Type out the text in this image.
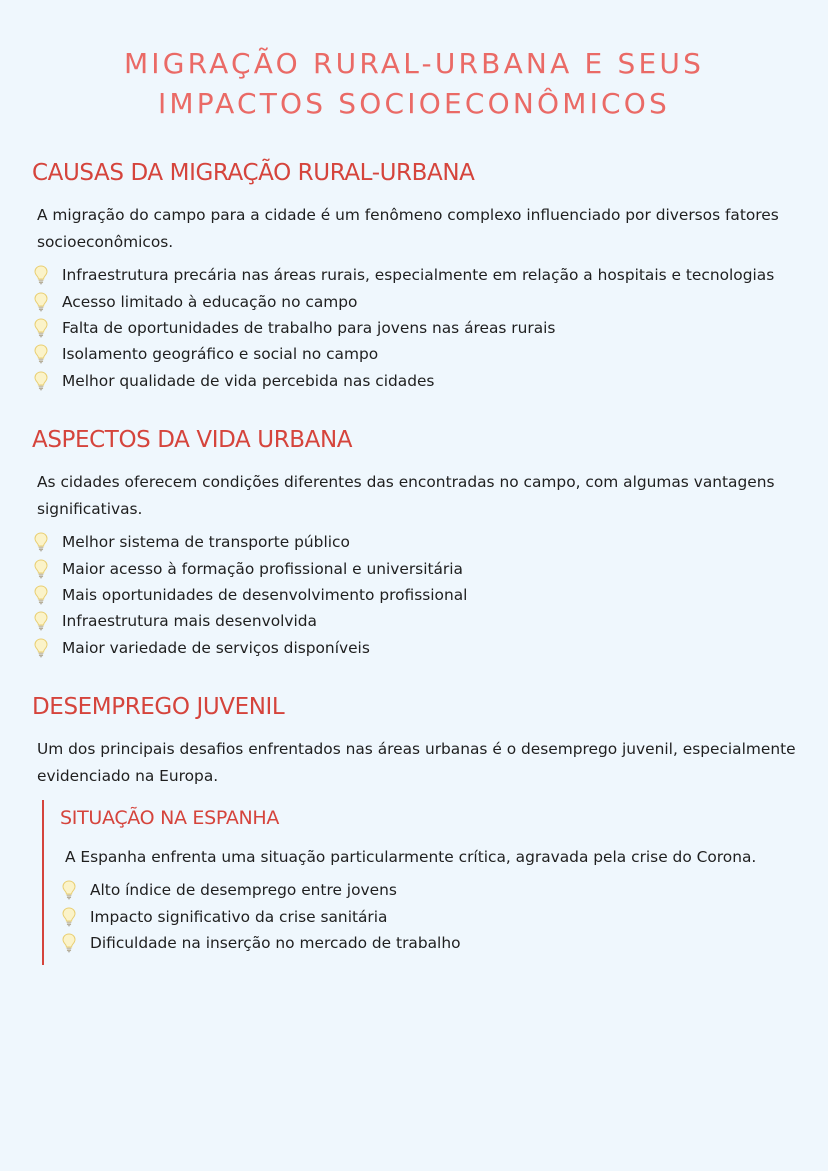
MIGRAÇÃO RURAL-URBANA E SEUS IMPACTOS SOCIOECONÔMICOS
CAUSAS DA MIGRAÇÃO RURAL-URBANA

A migração do campo para a cidade é um fenômeno complexo influenciado por diversos fatores socioeconômicos.

Infraestrutura precária nas áreas rurais, especialmente em relação a hospitais e tecnologias
Acesso limitado à educação no campo
Falta de oportunidades de trabalho para jovens nas áreas rurais
Isolamento geográfico e social no campo
Melhor qualidade de vida percebida nas cidades
ASPECTOS DA VIDA URBANA

As cidades oferecem condições diferentes das encontradas no campo, com algumas vantagens significativas.

Melhor sistema de transporte público
Maior acesso à formação profissional e universitária
Mais oportunidades de desenvolvimento profissional
Infraestrutura mais desenvolvida
Maior variedade de serviços disponíveis
DESEMPREGO JUVENIL

Um dos principais desafios enfrentados nas áreas urbanas é o desemprego juvenil, especialmente evidenciado na Europa.

SITUAÇÃO NA ESPANHA

A Espanha enfrenta uma situação particularmente crítica, agravada pela crise do Corona.

Alto índice de desemprego entre jovens
Impacto significativo da crise sanitária
Dificuldade na inserção no mercado de trabalho
